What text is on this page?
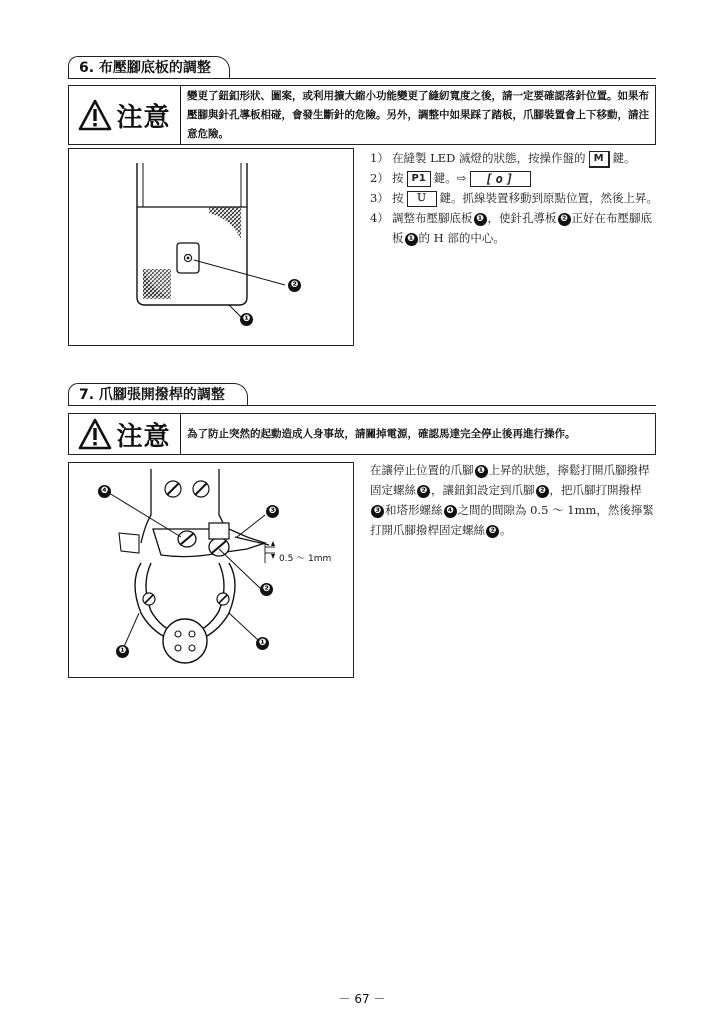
6. 布壓腳底板的調整
注意
變更了鈕釦形狀、圖案，或利用擴大縮小功能變更了縫紉寬度之後，請一定要確認落針位置。如果布壓腳與針孔導板相碰，會發生斷針的危險。另外，調整中如果踩了踏板，爪腳裝置會上下移動，請注意危險。
❷
❶
1） 在縫製 LED 滅燈的狀態，按操作盤的 M 鍵。
2） 按 P1 鍵。⇨ [o]
3） 按 Ｕ 鍵。抓線裝置移動到原點位置，然後上昇。
4） 調整布壓腳底板 ❶ ，使針孔導板 ❷ 正好在布壓腳底板 ❶ 的 H 部的中心。
7. 爪腳張開撥桿的調整
注意 為了防止突然的起動造成人身事故，請關掉電源，確認馬達完全停止後再進行操作。
❹
❸
❷
❶
❶
0.5 〜 1mm
在讓停止位置的爪腳 ❶ 上昇的狀態，擰鬆打開爪腳撥桿固定螺絲 ❷ ，讓鈕釦設定到爪腳 ❷ ，把爪腳打開撥桿❸ 和塔形螺絲 ❹ 之間的間隙為 0.5 〜 1mm，然後擰緊打開爪腳撥桿固定螺絲 ❷ 。
－ 67 －
